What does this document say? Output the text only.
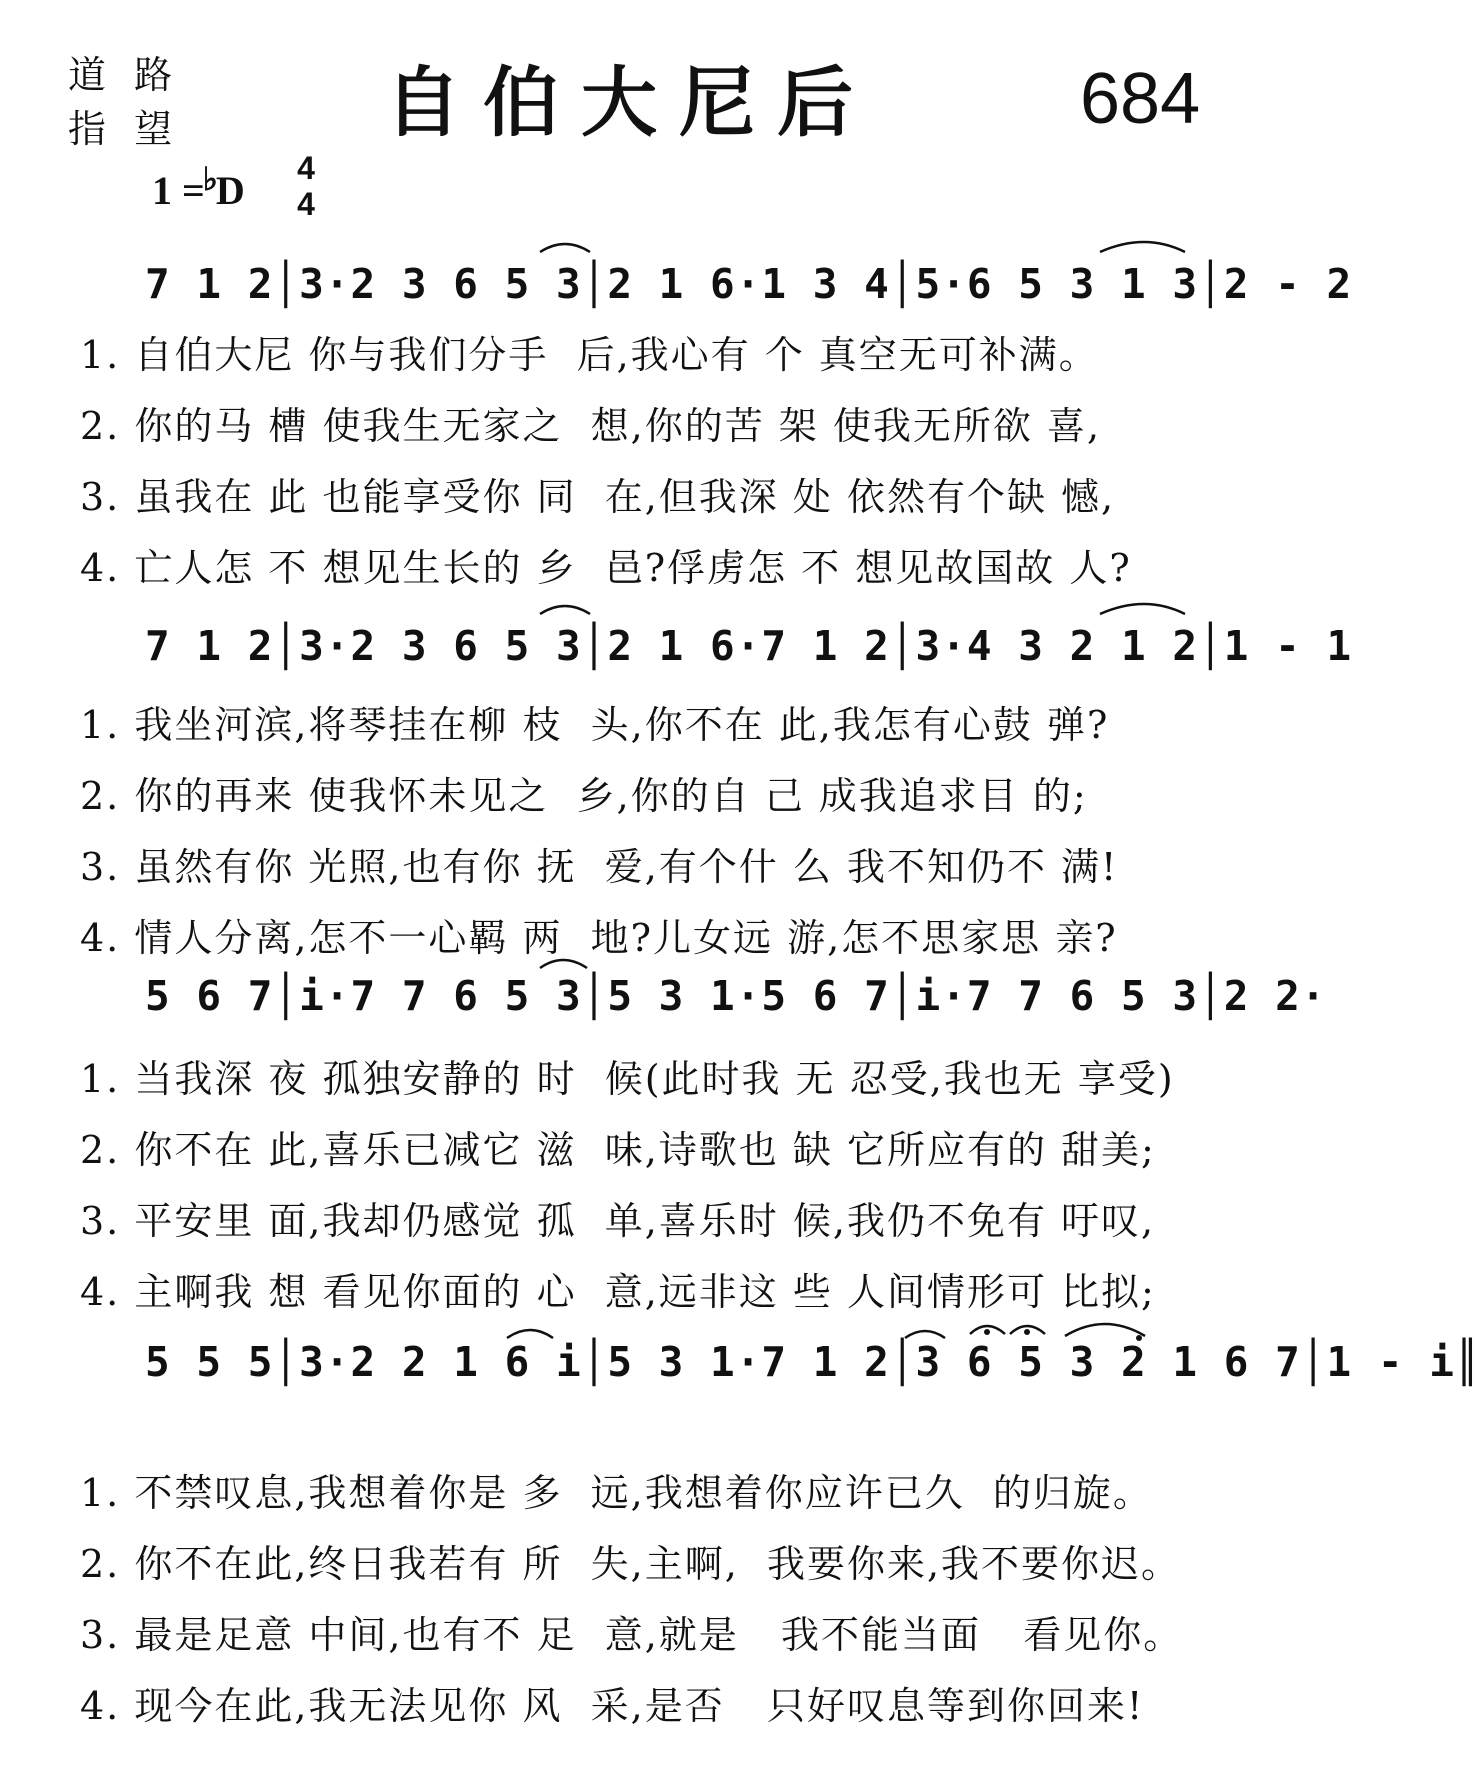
道 路
指 望	自伯大尼后	684
1 =♭D 4
4
7 1 2│3·2 3 6 5 3│2 1 6·1 3 4│5·6 5 3 1 3│2 - 2
1. 自伯大尼 你与我们分手  后,我心有 个 真空无可补满。
2. 你的马 槽 使我生无家之  想,你的苦 架 使我无所欲 喜,
3. 虽我在 此 也能享受你 同  在,但我深 处 依然有个缺 憾,
4. 亡人怎 不 想见生长的 乡  邑?俘虏怎 不 想见故国故 人?
7 1 2│3·2 3 6 5 3│2 1 6·7 1 2│3·4 3 2 1 2│1 - 1
1. 我坐河滨,将琴挂在柳 枝  头,你不在 此,我怎有心鼓 弹?
2. 你的再来 使我怀未见之  乡,你的自 己 成我追求目 的;
3. 虽然有你 光照,也有你 抚  爱,有个什 么 我不知仍不 满!
4. 情人分离,怎不一心羁 两  地?儿女远 游,怎不思家思 亲?
5 6 7│i·7 7 6 5 3│5 3 1·5 6 7│i·7 7 6 5 3│2 2·
1. 当我深 夜 孤独安静的 时  候(此时我 无 忍受,我也无 享受)
2. 你不在 此,喜乐已减它 滋  味,诗歌也 缺 它所应有的 甜美;
3. 平安里 面,我却仍感觉 孤  单,喜乐时 候,我仍不免有 吁叹,
4. 主啊我 想 看见你面的 心  意,远非这 些 人间情形可 比拟;
5 5 5│3·2 2 1 6 i│5 3 1·7 1 2│3 6 5 3 2 1 6 7│1 - i║
1. 不禁叹息,我想着你是 多  远,我想着你应许已久  的归旋。
2. 你不在此,终日我若有 所  失,主啊,  我要你来,我不要你迟。
3. 最是足意 中间,也有不 足  意,就是   我不能当面   看见你。
4. 现今在此,我无法见你 风  采,是否   只好叹息等到你回来!
